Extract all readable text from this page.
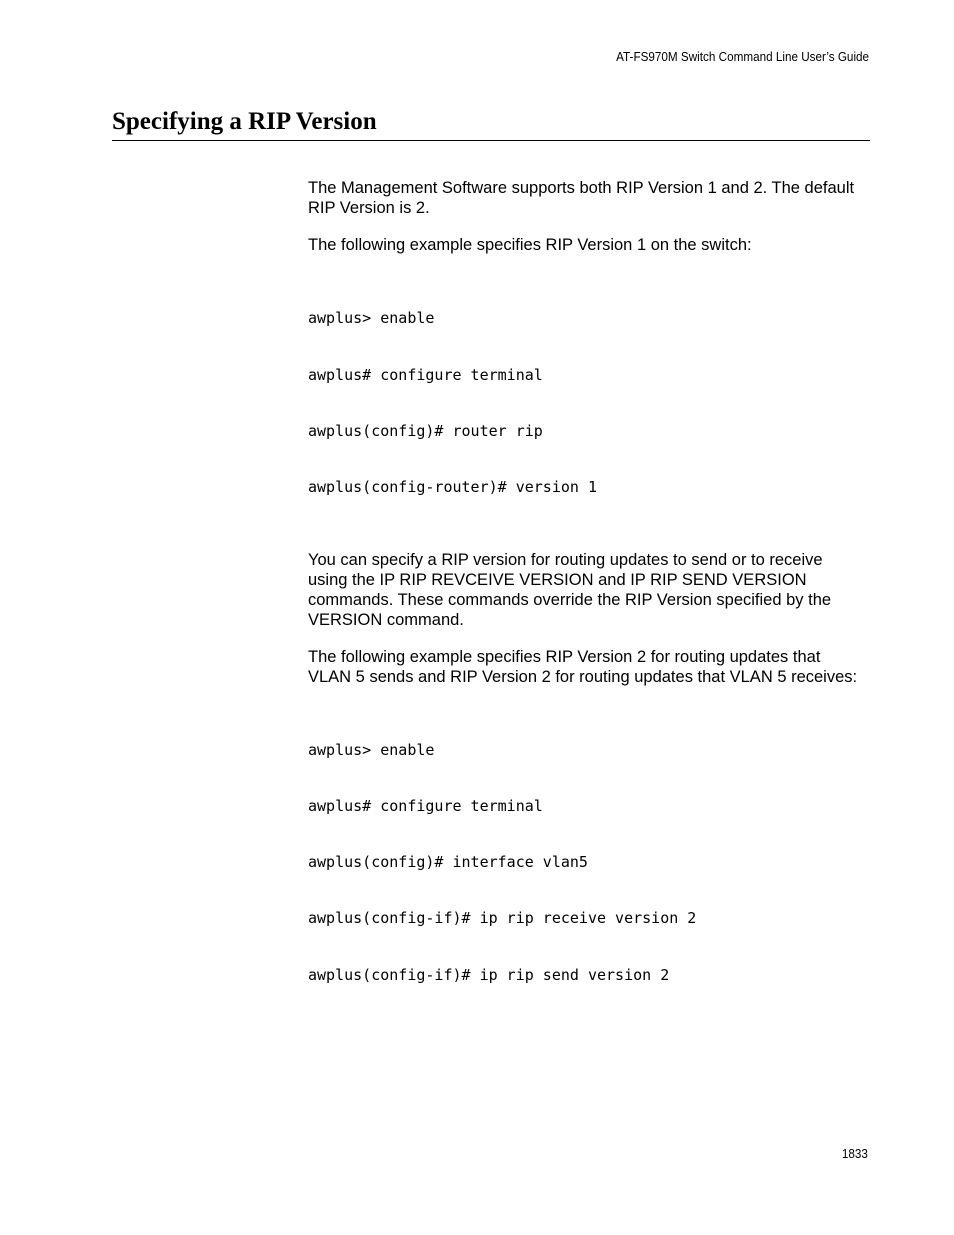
AT-FS970M Switch Command Line User’s Guide
Specifying a RIP Version

The Management Software supports both RIP Version 1 and 2. The default RIP Version is 2.

The following example specifies RIP Version 1 on the switch:

awplus> enable

awplus# configure terminal

awplus(config)# router rip

awplus(config-router)# version 1

You can specify a RIP version for routing updates to send or to receive using the IP RIP REVCEIVE VERSION and IP RIP SEND VERSION commands. These commands override the RIP Version specified by the VERSION command.

The following example specifies RIP Version 2 for routing updates that VLAN 5 sends and RIP Version 2 for routing updates that VLAN 5 receives:

awplus> enable

awplus# configure terminal

awplus(config)# interface vlan5

awplus(config-if)# ip rip receive version 2

awplus(config-if)# ip rip send version 2

1833
